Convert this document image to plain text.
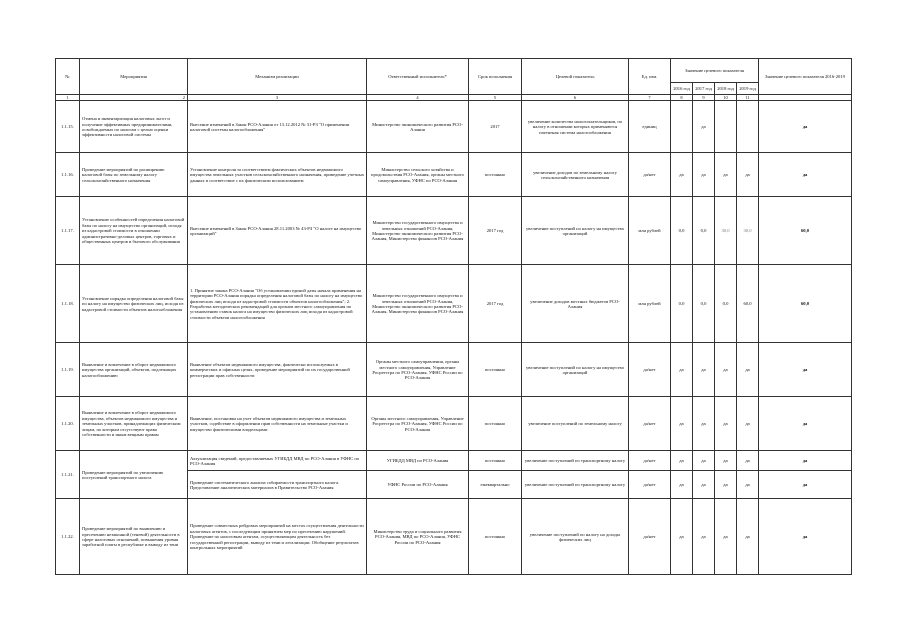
№	Мероприятия	Механизм реализации	Ответственный исполнитель*	Срок исполнения	Целевой показатель	Ед. изм.	Значение целевого показателя				Значение целевого показателя 2016-2019
							2016 год	2017 год	2018 год	2019 год	
1	2	3	4	5	6	7	8	9	10	11	
1.1.15.	Отмена и инвентаризация налоговых льгот и получение эффективных предпринимателями, освобождаемых по налогам с целью оценки эффективности налоговой системы	Внесение изменений в Закон РСО-Алания от 13.12.2012 № 31-РЗ "О применении налоговой системы налогообложения"	Министерство экономического развития РСО-Алания	2017	увеличение количества налогоплательщиков, по налогу в отношении которых применяются патентная система налогообложения	единиц		да			да
1.1.16.	Проведение мероприятий по расширению налоговой базы по земельному налогу сельскохозяйственного назначения	Установление контроля за соответствием фактических объектов недвижимого имущества земельных участков сельскохозяйственного назначения, приведение учетных данных в соответствие с их фактическим использованием	Министерство сельского хозяйства и продовольствия РСО-Алания, органы местного самоуправления, УФНС по РСО-Алания	постоянно	увеличение доходов по земельному налогу сельскохозяйственного назначения	да/нет	да	да	да	да	да
1.1.17.	Установление особенностей определения налоговой базы по налогу на имущество организаций, исходя из кадастровой стоимости в отношении административно-деловых центров, торговых и общественных центров и бытового обслуживания	Внесение изменений в Закон РСО-Алания 28.11.2003 № 43-РЗ "О налоге на имущество организаций"	Министерство государственного имущества и земельных отношений РСО-Алания, Министерство экономического развития РСО-Алания, Министерство финансов РСО-Алания	2017 год	увеличение поступлений по налогу на имущество организаций	млн рублей	0,0	0,0	30,0	30,0	60,0
1.1.18.	Установление порядка определения налоговой базы по налогу на имущество физических лиц, исходя из кадастровой стоимости объектов налогообложения	1. Принятие закона РСО-Алания "Об установлении единой даты начала применения на территории РСО-Алания порядка определения налоговой базы по налогу на имущество физических лиц исходя из кадастровой стоимости объектов налогообложения"; 2. Разработка методических рекомендаций для органов местного самоуправления по установлению ставок налога на имущество физических лиц исходя из кадастровой стоимости объектов налогообложения	Министерство государственного имущества и земельных отношений РСО-Алания, Министерство экономического развития РСО-Алания, Министерство финансов РСО-Алания	2017 год	увеличение доходов местных бюджетов РСО-Алания	млн рублей	0,0	0,0	0,0	60,0	60,0
1.1.19.	Выявление и вовлечение в оборот недвижимого имущества организаций, объектов, подлежащих налогообложению	Выявление объектов недвижимого имущества, фактически используемых в коммерческих и офисных целях, проведение мероприятий по их государственной регистрации прав собственности	Органы местного самоуправления, органы местного самоуправления, Управление Росреестра по РСО-Алания, УФНС России по РСО-Алания	постоянно	увеличение поступлений по налогу на имущество организаций	да/нет	да	да	да	да	да
1.1.20.	Выявление и вовлечение в оборот недвижимого имущества, объектов недвижимого имущества и земельных участков, принадлежащих физическим лицам, по которым отсутствуют права собственности и иным вещным правам	Выявление, постановка на учет объектов недвижимого имущества и земельных участков, содействие в оформлении прав собственности на земельные участки и имущество фактическими владельцами	Органы местного самоуправления, Управление Росреестра по РСО-Алания, УФНС России по РСО-Алания	постоянно	увеличение поступлений по земельному налогу	да/нет	да	да	да	да	да
1.1.21.	Проведение мероприятий по увеличению поступлений транспортного налога	Актуализация сведений, предоставляемых УГИБДД МВД по РСО-Алания в УФНС по РСО-Алания	УГИБДД МВД по РСО-Алания	постоянно	увеличение поступлений по транспортному налогу	да/нет	да	да	да	да	да
		Проведение систематического анализа собираемости транспортного налога. Представление аналитических материалов в Правительство РСО-Алания	УФНС России по РСО-Алания	ежеквартально	увеличение поступлений по транспортному налогу	да/нет	да	да	да	да	да
1.1.22.	Проведение мероприятий по выявлению и пресечению незаконной (теневой) деятельности в сфере налоговых отношений, повышения уровня заработной платы в республике и выводу из тени	Проведение совместных рейдовых мероприятий на местах осуществления деятельности налоговых агентов, с последующим принятием мер по пресечению нарушений. Проведение по налоговым агентам, осуществляющим деятельность без государственной регистрации, выводу из тени и легализации. Обобщение результатов контрольных мероприятий	Министерство труда и социального развития РСО-Алания, МВД по РСО-Алания, УФНС России по РСО-Алания	постоянно	увеличение поступлений по налогу на доходы физических лиц	да/нет	да	да	да	да	да
